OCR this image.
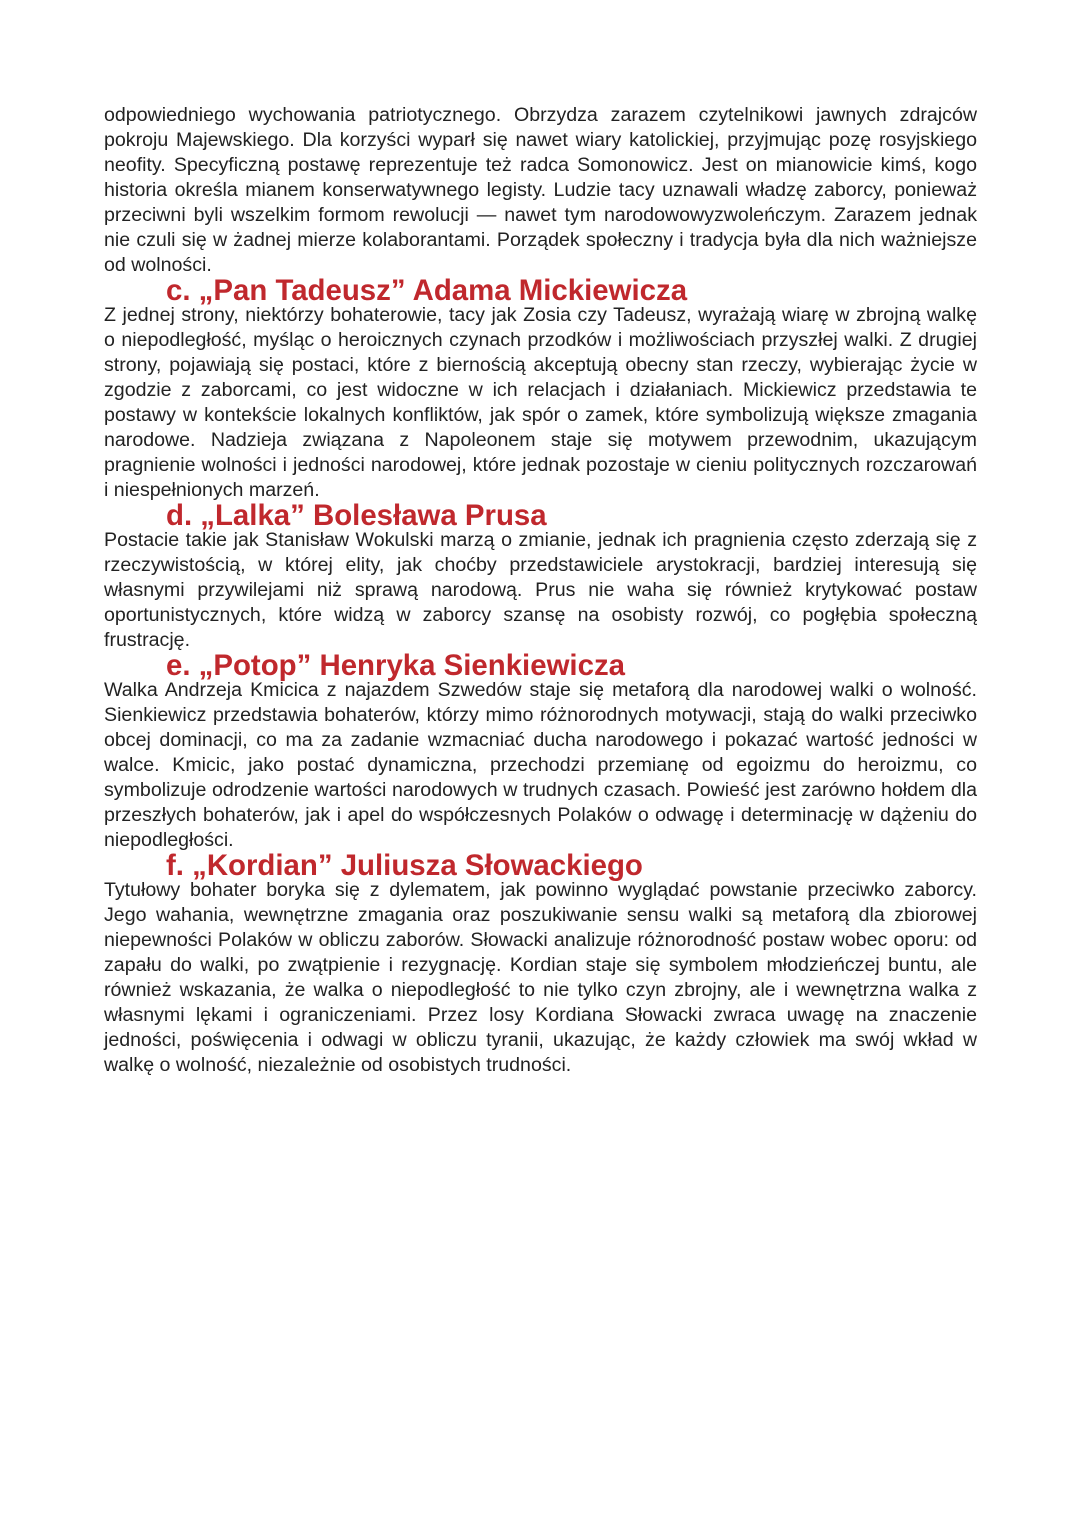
odpowiedniego wychowania patriotycznego. Obrzydza zarazem czytelnikowi jawnych zdrajców pokroju Majewskiego. Dla korzyści wyparł się nawet wiary katolickiej, przyjmując pozę rosyjskiego neofity. Specyficzną postawę reprezentuje też radca Somonowicz. Jest on mianowicie kimś, kogo historia określa mianem konserwatywnego legisty. Ludzie tacy uznawali władzę zaborcy, ponieważ przeciwni byli wszelkim formom rewolucji — nawet tym narodowowyzwoleńczym. Zarazem jednak nie czuli się w żadnej mierze kolaborantami. Porządek społeczny i tradycja była dla nich ważniejsze od wolności.

c. „Pan Tadeusz” Adama Mickiewicza

Z jednej strony, niektórzy bohaterowie, tacy jak Zosia czy Tadeusz, wyrażają wiarę w zbrojną walkę o niepodległość, myśląc o heroicznych czynach przodków i możliwościach przyszłej walki. Z drugiej strony, pojawiają się postaci, które z biernością akceptują obecny stan rzeczy, wybierając życie w zgodzie z zaborcami, co jest widoczne w ich relacjach i działaniach. Mickiewicz przedstawia te postawy w kontekście lokalnych konfliktów, jak spór o zamek, które symbolizują większe zmagania narodowe. Nadzieja związana z Napoleonem staje się motywem przewodnim, ukazującym pragnienie wolności i jedności narodowej, które jednak pozostaje w cieniu politycznych rozczarowań i niespełnionych marzeń.

d. „Lalka” Bolesława Prusa

Postacie takie jak Stanisław Wokulski marzą o zmianie, jednak ich pragnienia często zderzają się z rzeczywistością, w której elity, jak choćby przedstawiciele arystokracji, bardziej interesują się własnymi przywilejami niż sprawą narodową. Prus nie waha się również krytykować postaw oportunistycznych, które widzą w zaborcy szansę na osobisty rozwój, co pogłębia społeczną frustrację.

e. „Potop” Henryka Sienkiewicza

Walka Andrzeja Kmicica z najazdem Szwedów staje się metaforą dla narodowej walki o wolność. Sienkiewicz przedstawia bohaterów, którzy mimo różnorodnych motywacji, stają do walki przeciwko obcej dominacji, co ma za zadanie wzmacniać ducha narodowego i pokazać wartość jedności w walce. Kmicic, jako postać dynamiczna, przechodzi przemianę od egoizmu do heroizmu, co symbolizuje odrodzenie wartości narodowych w trudnych czasach. Powieść jest zarówno hołdem dla przeszłych bohaterów, jak i apel do współczesnych Polaków o odwagę i determinację w dążeniu do niepodległości.

f. „Kordian” Juliusza Słowackiego

Tytułowy bohater boryka się z dylematem, jak powinno wyglądać powstanie przeciwko zaborcy. Jego wahania, wewnętrzne zmagania oraz poszukiwanie sensu walki są metaforą dla zbiorowej niepewności Polaków w obliczu zaborów. Słowacki analizuje różnorodność postaw wobec oporu: od zapału do walki, po zwątpienie i rezygnację. Kordian staje się symbolem młodzieńczej buntu, ale również wskazania, że walka o niepodległość to nie tylko czyn zbrojny, ale i wewnętrzna walka z własnymi lękami i ograniczeniami. Przez losy Kordiana Słowacki zwraca uwagę na znaczenie jedności, poświęcenia i odwagi w obliczu tyranii, ukazując, że każdy człowiek ma swój wkład w walkę o wolność, niezależnie od osobistych trudności.
